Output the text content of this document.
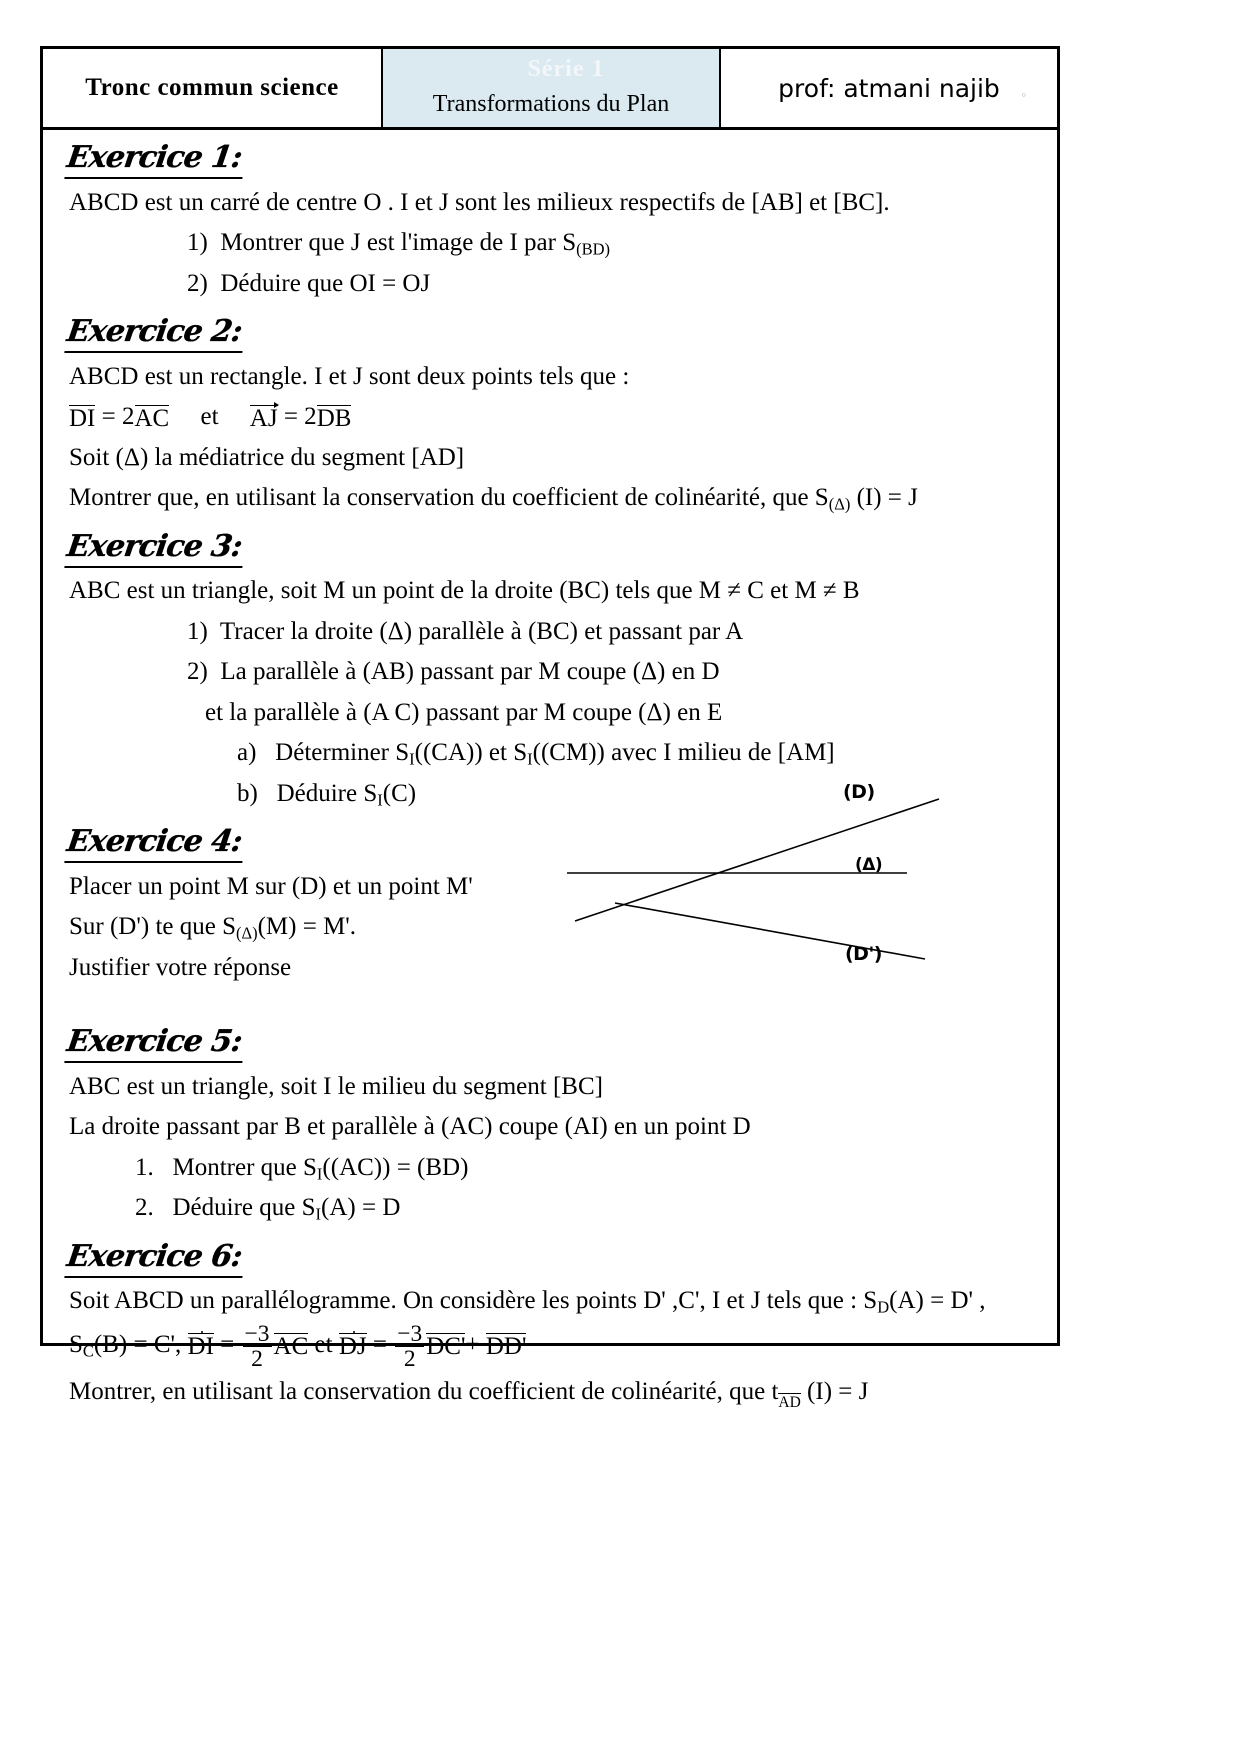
Tronc commun science
Série 1
Transformations du Plan
prof: atmani najib ◦
Exercice 1:
ABCD est un carré de centre O . I et J sont les milieux respectifs de [AB] et [BC].
1) Montrer que J est l'image de I par $S_{(BD)}$
2) Déduire que OI = OJ
Exercice 2:
ABCD est un rectangle. I et J sont deux points tels que :
DI = 2AC et AJ = 2DB
Soit (Δ) la médiatrice du segment [AD]
Montrer que, en utilisant la conservation du coefficient de colinéarité, que $S_{(\Delta)}$ (I) = J
Exercice 3:
ABC est un triangle, soit M un point de la droite (BC) tels que M ≠ C et M ≠ B
1) Tracer la droite (Δ) parallèle à (BC) et passant par A
2) La parallèle à (AB) passant par M coupe (Δ) en D
et la parallèle à (A C) passant par M coupe (Δ) en E
a) Déterminer $S_I((CA))$ et $S_I((CM))$ avec I milieu de [AM]
b) Déduire $S_I(C)$
Exercice 4:
Placer un point M sur (D) et un point M'
Sur (D') te que $S_{(\Delta)}(M) = M'$.
Justifier votre réponse
Exercice 5:
ABC est un triangle, soit I le milieu du segment [BC]
La droite passant par B et parallèle à (AC) coupe (AI) en un point D
1. Montrer que $S_I((AC)) = (BD)$
2. Déduire que $S_I(A) = D$
Exercice 6:
Soit ABCD un parallélogramme. On considère les points D' ,C', I et J tels que : $S_D(A) = D'$ ,
$S_C(B) = C'$, DI = $\frac{-3}{2}$ AC et DJ = $\frac{-3}{2} DC'+ DD'$
Montrer, en utilisant la conservation du coefficient de colinéarité, que tAD (I) = J
(D)
(Δ)
(D')
